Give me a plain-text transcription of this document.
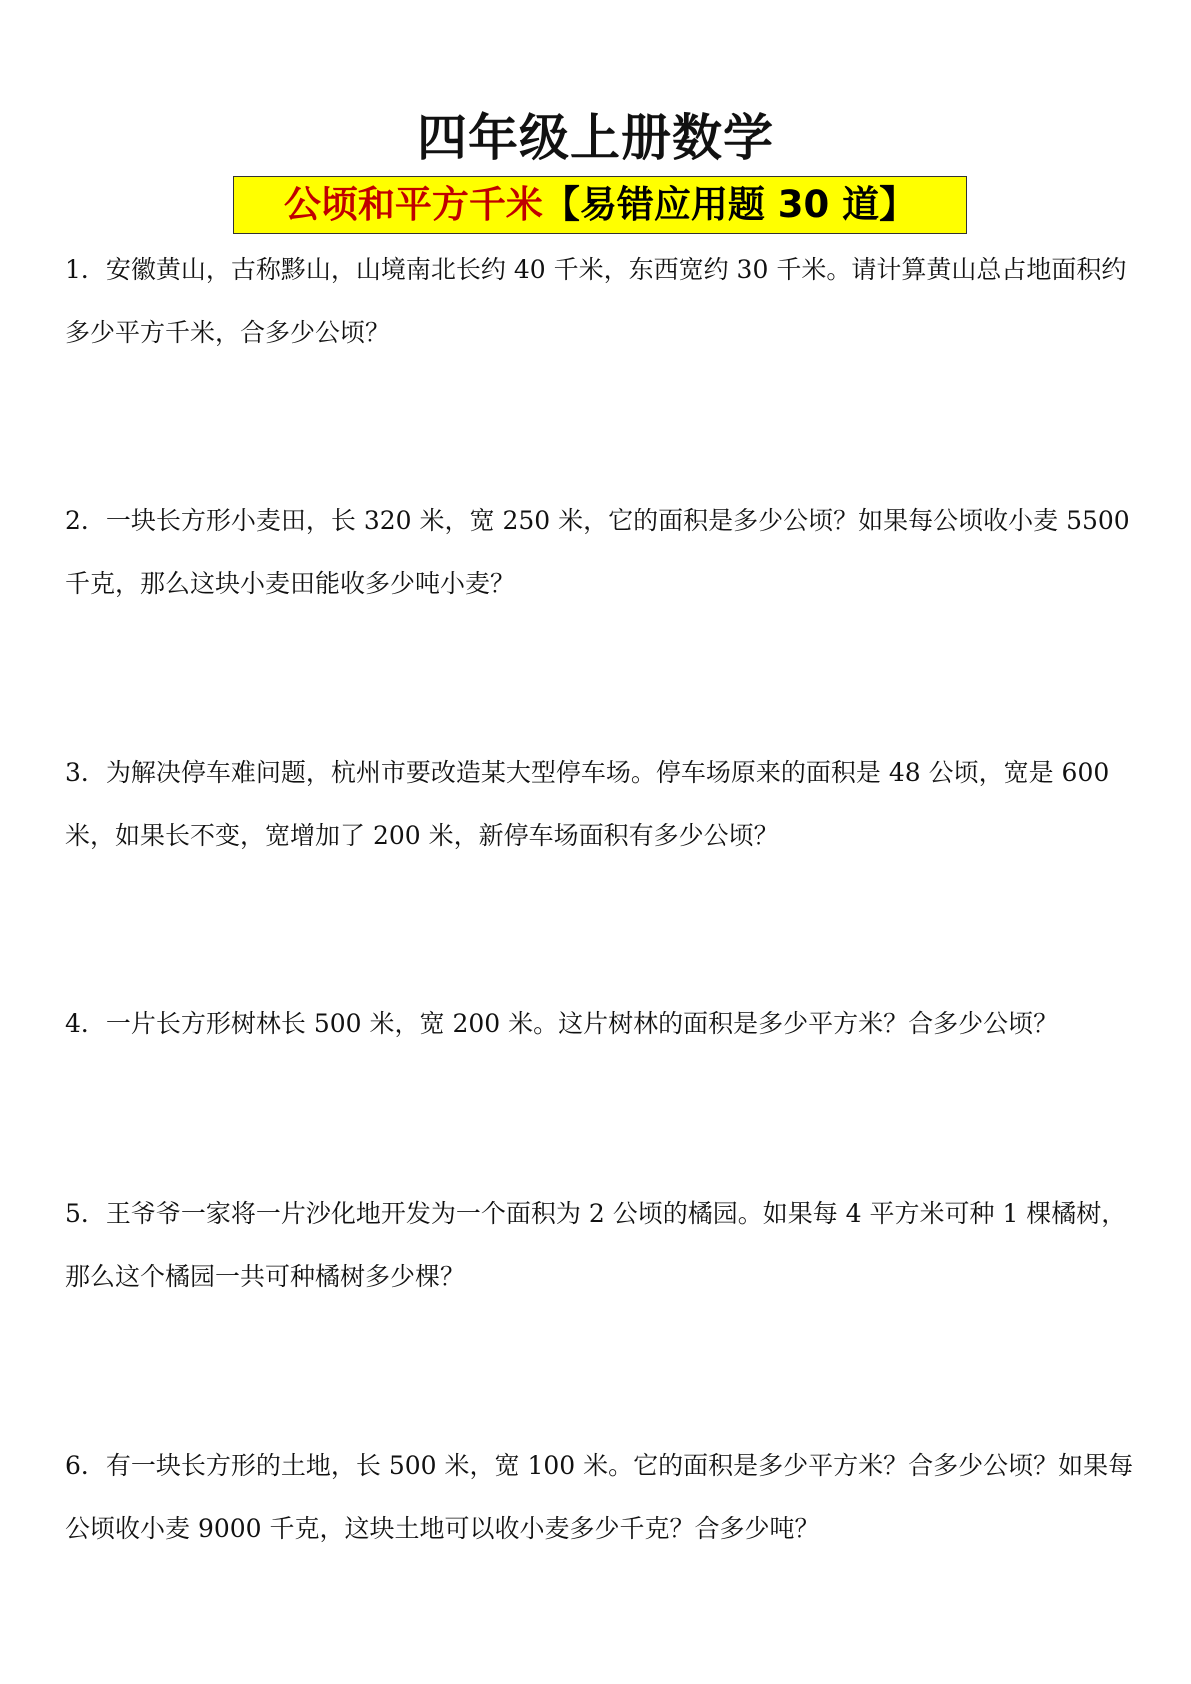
四年级上册数学
公顷和平方千米【易错应用题 30 道】
1．安徽黄山，古称黟山，山境南北长约 40 千米，东西宽约 30 千米。请计算黄山总占地面积约多少平方千米，合多少公顷？
2．一块长方形小麦田，长 320 米，宽 250 米，它的面积是多少公顷？如果每公顷收小麦 5500 千克，那么这块小麦田能收多少吨小麦？
3．为解决停车难问题，杭州市要改造某大型停车场。停车场原来的面积是 48 公顷，宽是 600 米，如果长不变，宽增加了 200 米，新停车场面积有多少公顷？
4．一片长方形树林长 500 米，宽 200 米。这片树林的面积是多少平方米？合多少公顷？
5．王爷爷一家将一片沙化地开发为一个面积为 2 公顷的橘园。如果每 4 平方米可种 1 棵橘树，那么这个橘园一共可种橘树多少棵？
6．有一块长方形的土地，长 500 米，宽 100 米。它的面积是多少平方米？合多少公顷？如果每公顷收小麦 9000 千克，这块土地可以收小麦多少千克？合多少吨？
